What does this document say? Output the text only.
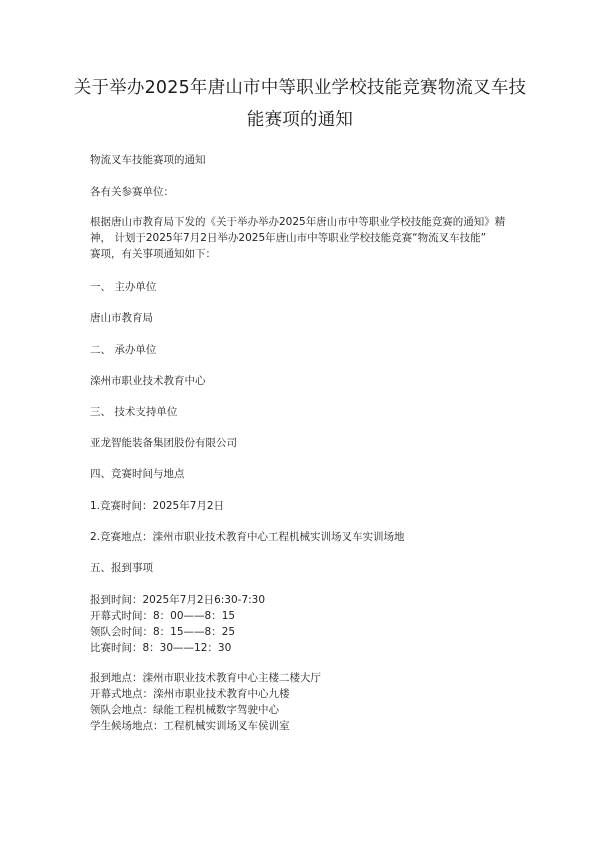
关于举办2025年唐山市中等职业学校技能竞赛物流叉车技
能赛项的通知
物流叉车技能赛项的通知
各有关参赛单位：
根据唐山市教育局下发的《关于举办举办2025年唐山市中等职业学校技能竞赛的通知》精
神， 计划于2025年7月2日举办2025年唐山市中等职业学校技能竞赛“物流叉车技能”
赛项，有关事项通知如下：
一、 主办单位
唐山市教育局
二、 承办单位
滦州市职业技术教育中心
三、 技术支持单位
亚龙智能装备集团股份有限公司
四、竞赛时间与地点
1.竞赛时间：2025年7月2日
2.竞赛地点：滦州市职业技术教育中心工程机械实训场叉车实训场地
五、报到事项
报到时间：2025年7月2日6:30-7:30
开幕式时间：8：00——8：15
领队会时间：8：15——8：25
比赛时间：8：30——12：30
报到地点：滦州市职业技术教育中心主楼二楼大厅
开幕式地点：滦州市职业技术教育中心九楼
领队会地点：绿能工程机械数字驾驶中心
学生候场地点：工程机械实训场叉车侯训室
